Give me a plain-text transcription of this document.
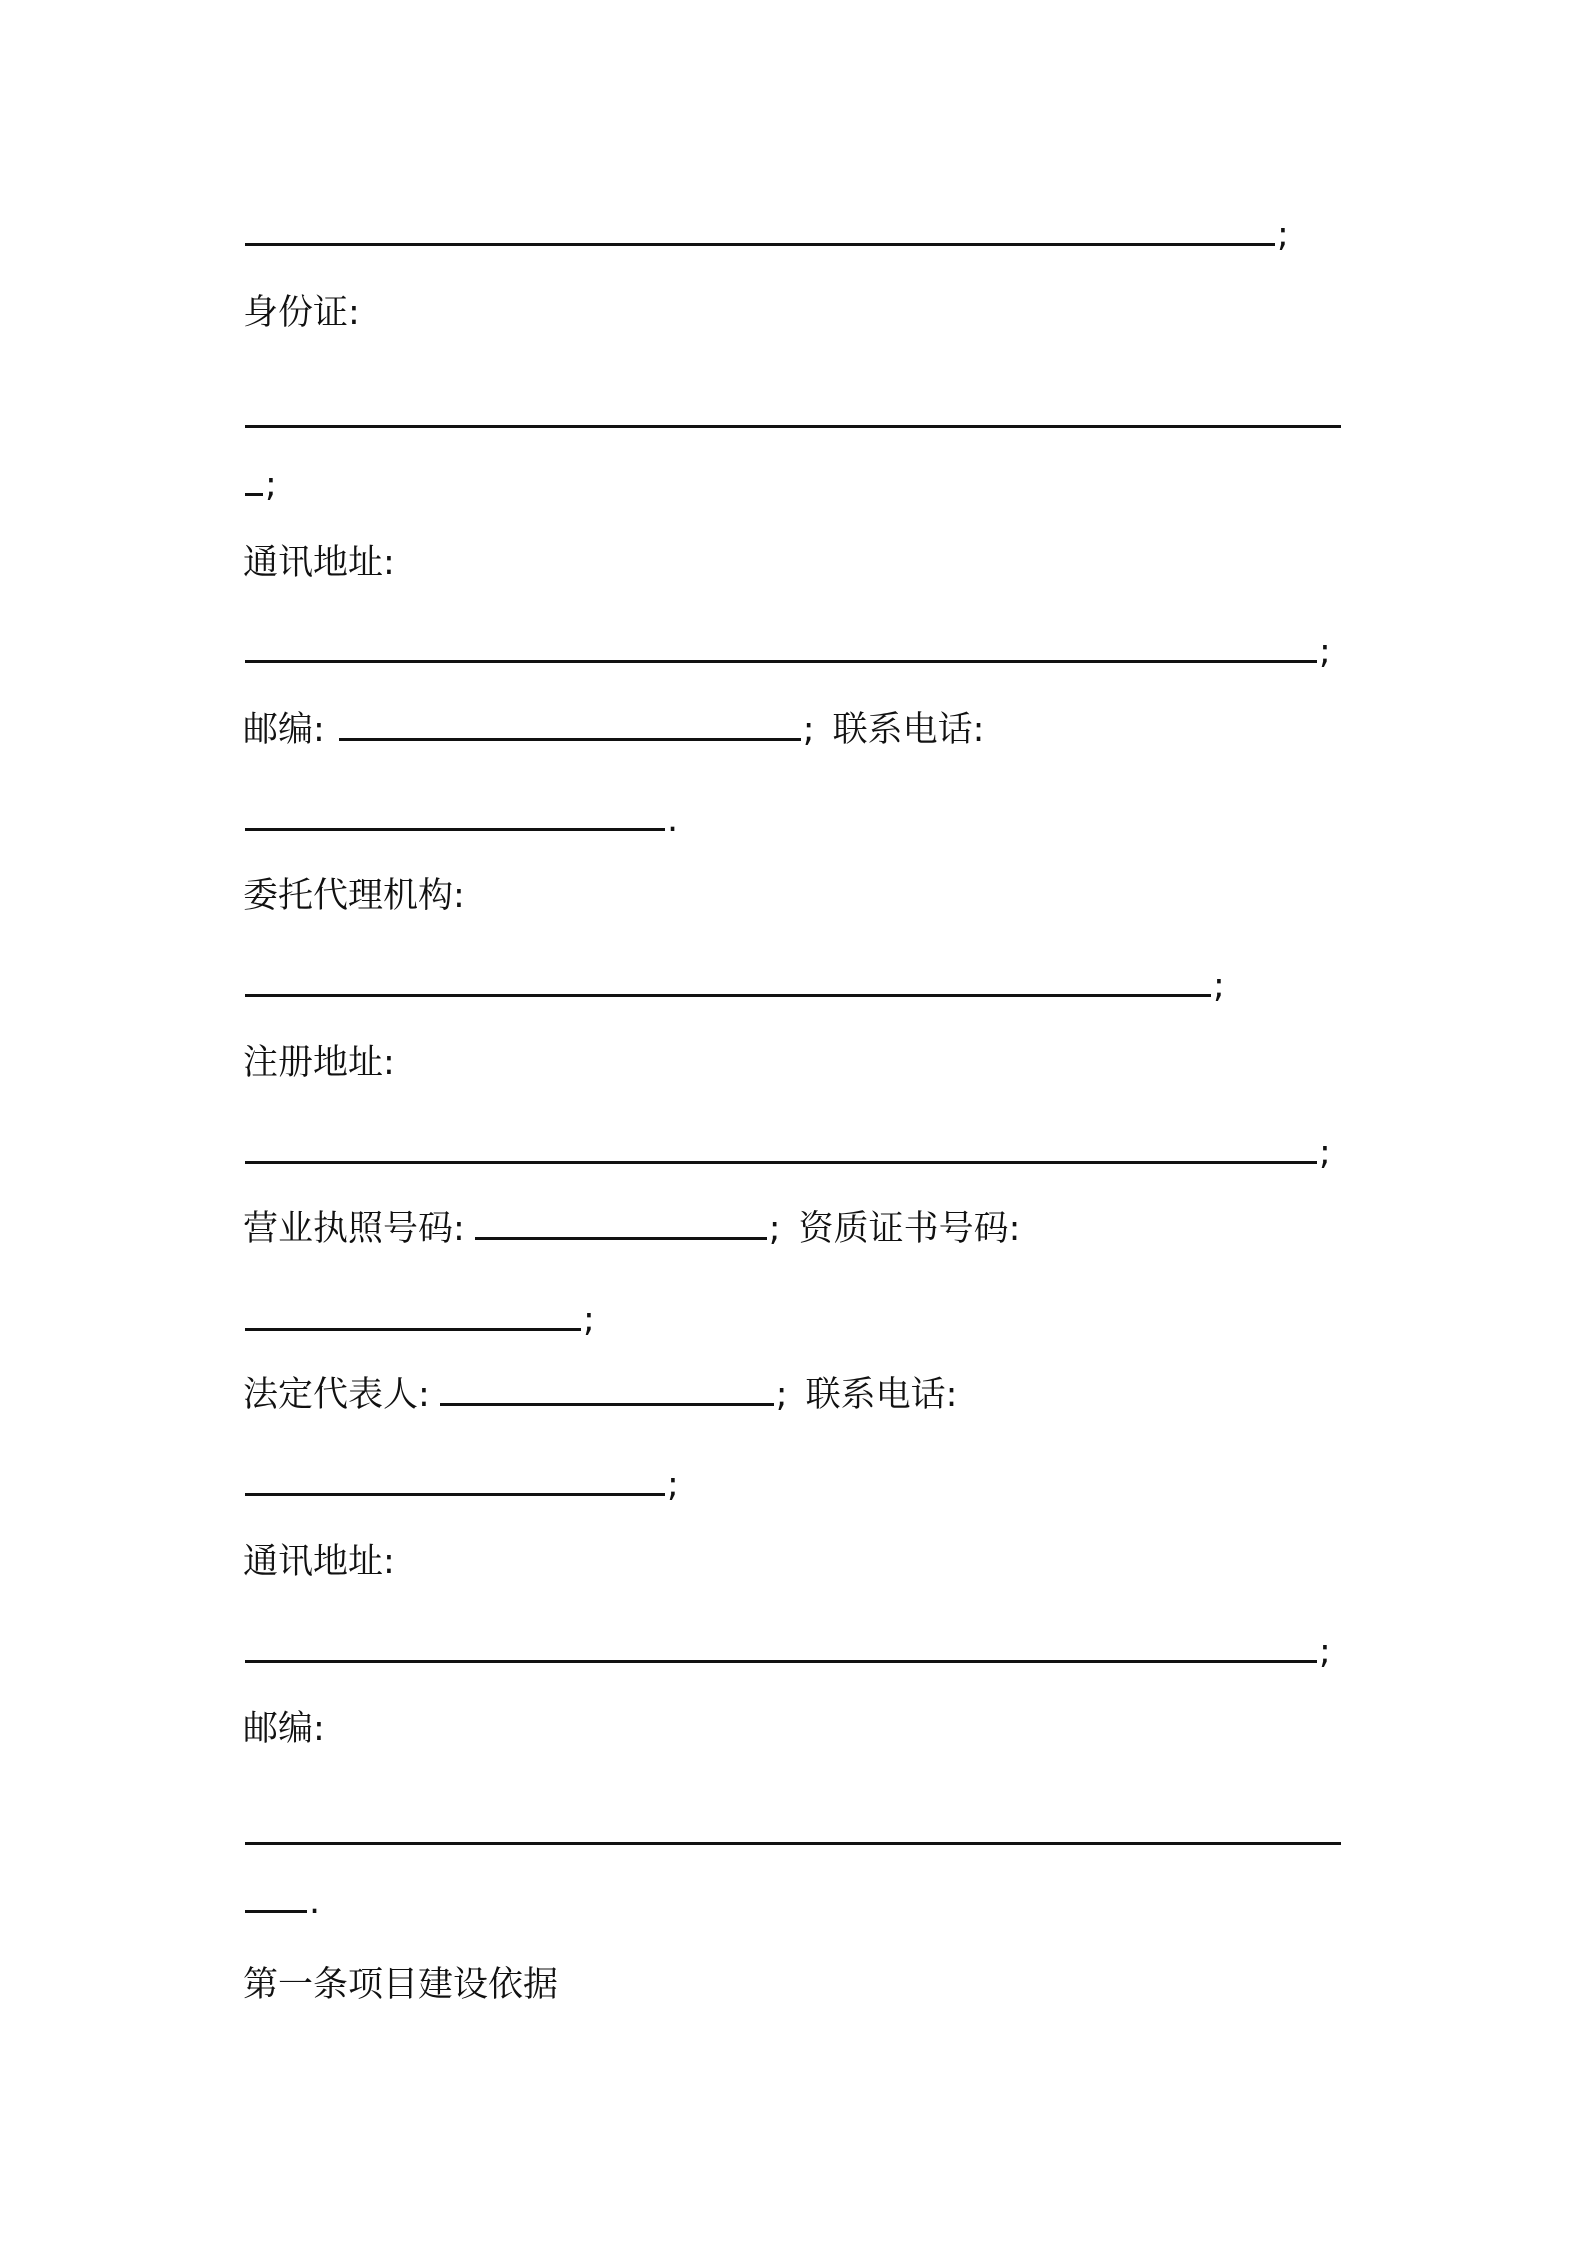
;
身份证:
;
通讯地址:
;
邮编:	; 联系电话:
.
委托代理机构:
;
注册地址:
;
营业执照号码:	; 资质证书号码:
;
法定代表人:	; 联系电话:
;
通讯地址:
;
邮编:
.
第一条项目建设依据
